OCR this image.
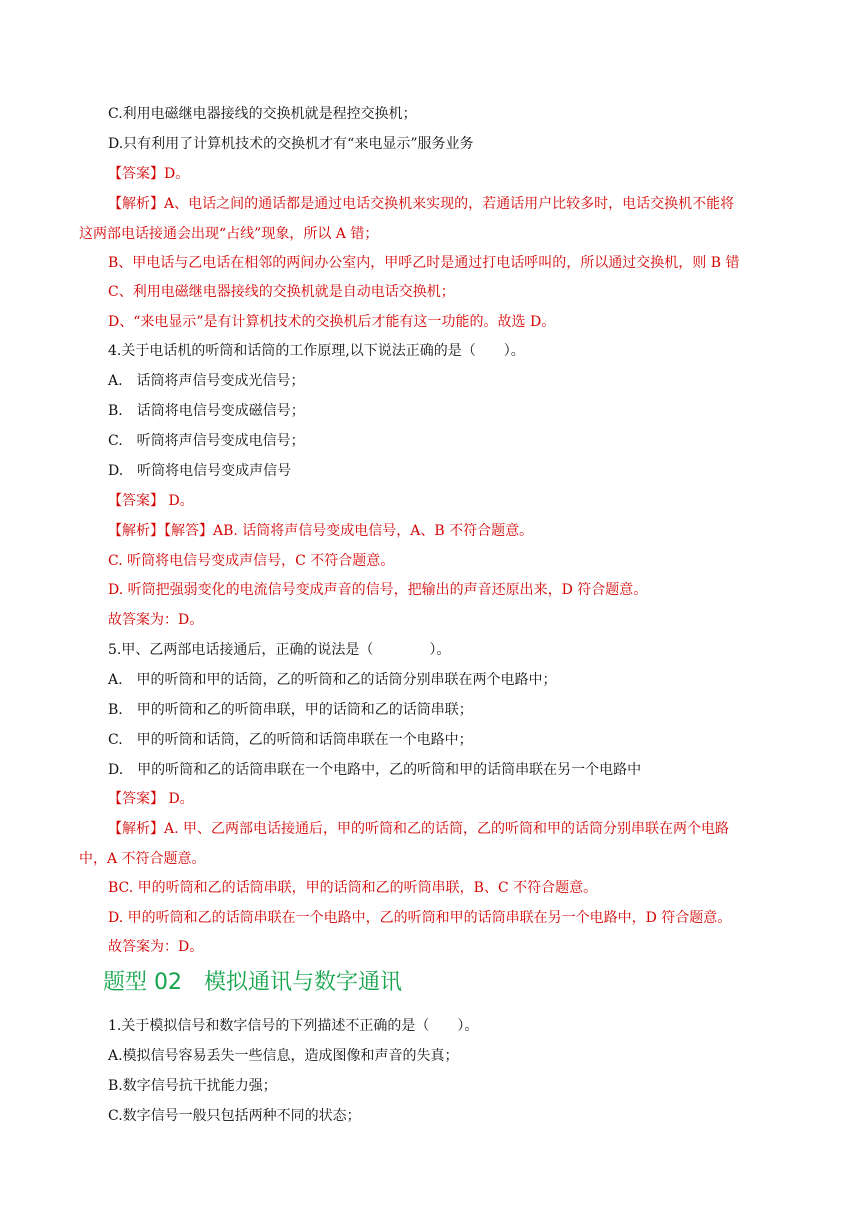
C.利用电磁继电器接线的交换机就是程控交换机；
D.只有利用了计算机技术的交换机才有“来电显示”服务业务
【答案】D。
【解析】A、电话之间的通话都是通过电话交换机来实现的，若通话用户比较多时，电话交换机不能将
这两部电话接通会出现“占线”现象，所以 A 错；
B、甲电话与乙电话在相邻的两间办公室内，甲呼乙时是通过打电话呼叫的，所以通过交换机，则 B 错
C、利用电磁继电器接线的交换机就是自动电话交换机；
D、“来电显示”是有计算机技术的交换机后才能有这一功能的。故选 D。
4.关于电话机的听筒和话筒的工作原理,以下说法正确的是（　　）。
A.　话筒将声信号变成光信号；
B.　话筒将电信号变成磁信号；
C.　听筒将声信号变成电信号；
D.　听筒将电信号变成声信号
【答案】 D。
【解析】【解答】AB. 话筒将声信号变成电信号，A、B 不符合题意。
C. 听筒将电信号变成声信号，C 不符合题意。
D. 听筒把强弱变化的电流信号变成声音的信号，把输出的声音还原出来，D 符合题意。
故答案为：D。
5.甲、乙两部电话接通后，正确的说法是（　　　　）。
A.　甲的听筒和甲的话筒，乙的听筒和乙的话筒分别串联在两个电路中；
B.　甲的听筒和乙的听筒串联，甲的话筒和乙的话筒串联；
C.　甲的听筒和话筒，乙的听筒和话筒串联在一个电路中；
D.　甲的听筒和乙的话筒串联在一个电路中，乙的听筒和甲的话筒串联在另一个电路中
【答案】 D。
【解析】A. 甲、乙两部电话接通后，甲的听筒和乙的话筒，乙的听筒和甲的话筒分别串联在两个电路
中，A 不符合题意。
BC. 甲的听筒和乙的话筒串联，甲的话筒和乙的听筒串联，B、C 不符合题意。
D. 甲的听筒和乙的话筒串联在一个电路中，乙的听筒和甲的话筒串联在另一个电路中，D 符合题意。
故答案为：D。
题型 02 模拟通讯与数字通讯
1.关于模拟信号和数字信号的下列描述不正确的是（　　）。
A.模拟信号容易丢失一些信息，造成图像和声音的失真；
B.数字信号抗干扰能力强；
C.数字信号一般只包括两种不同的状态；
